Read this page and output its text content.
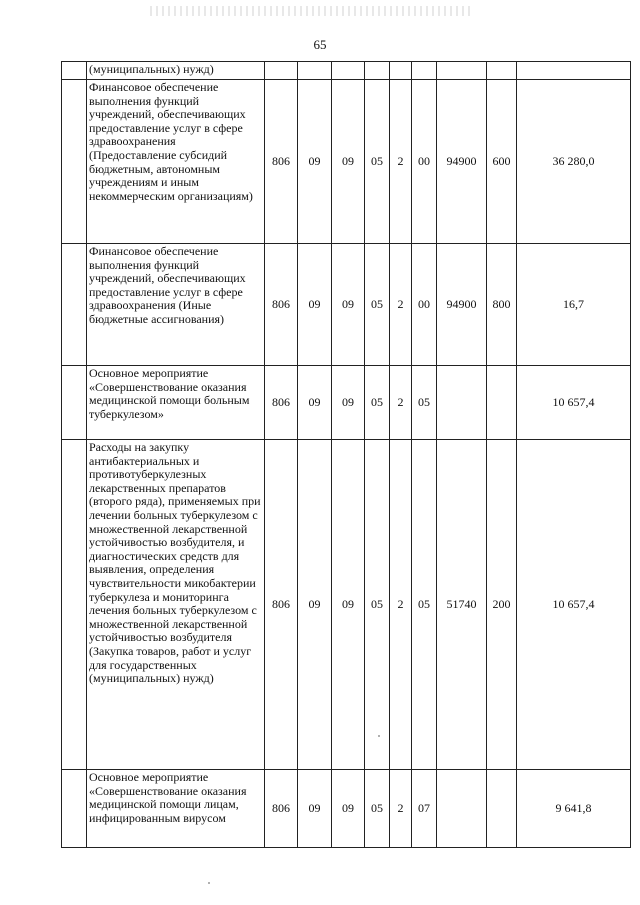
65
	(муниципальных) нужд)									
	Финансовое обеспечение выполнения функций учреждений, обеспечивающих предоставление услуг в сфере здравоохранения (Предоставление субсидий бюджетным, автономным учреждениям и иным некоммерческим организациям)	806	09	09	05	2	00	94900	600	36 280,0
	Финансовое обеспечение выполнения функций учреждений, обеспечивающих предоставление услуг в сфере здравоохранения (Иные бюджетные ассигнования)	806	09	09	05	2	00	94900	800	16,7
	Основное мероприятие «Совершенствование оказания медицинской помощи больным туберкулезом»	806	09	09	05	2	05			10 657,4
	Расходы на закупку антибактериальных и противотуберкулезных лекарственных препаратов (второго ряда), применяемых при лечении больных туберкулезом с множественной лекарственной устойчивостью возбудителя, и диагностических средств для выявления, определения чувствительности микобактерии туберкулеза и мониторинга лечения больных туберкулезом с множественной лекарственной устойчивостью возбудителя (Закупка товаров, работ и услуг для государственных (муниципальных) нужд)	806	09	09	05	2	05	51740	200	10 657,4
	Основное мероприятие «Совершенствование оказания медицинской помощи лицам, инфицированным вирусом	806	09	09	05	2	07			9 641,8
